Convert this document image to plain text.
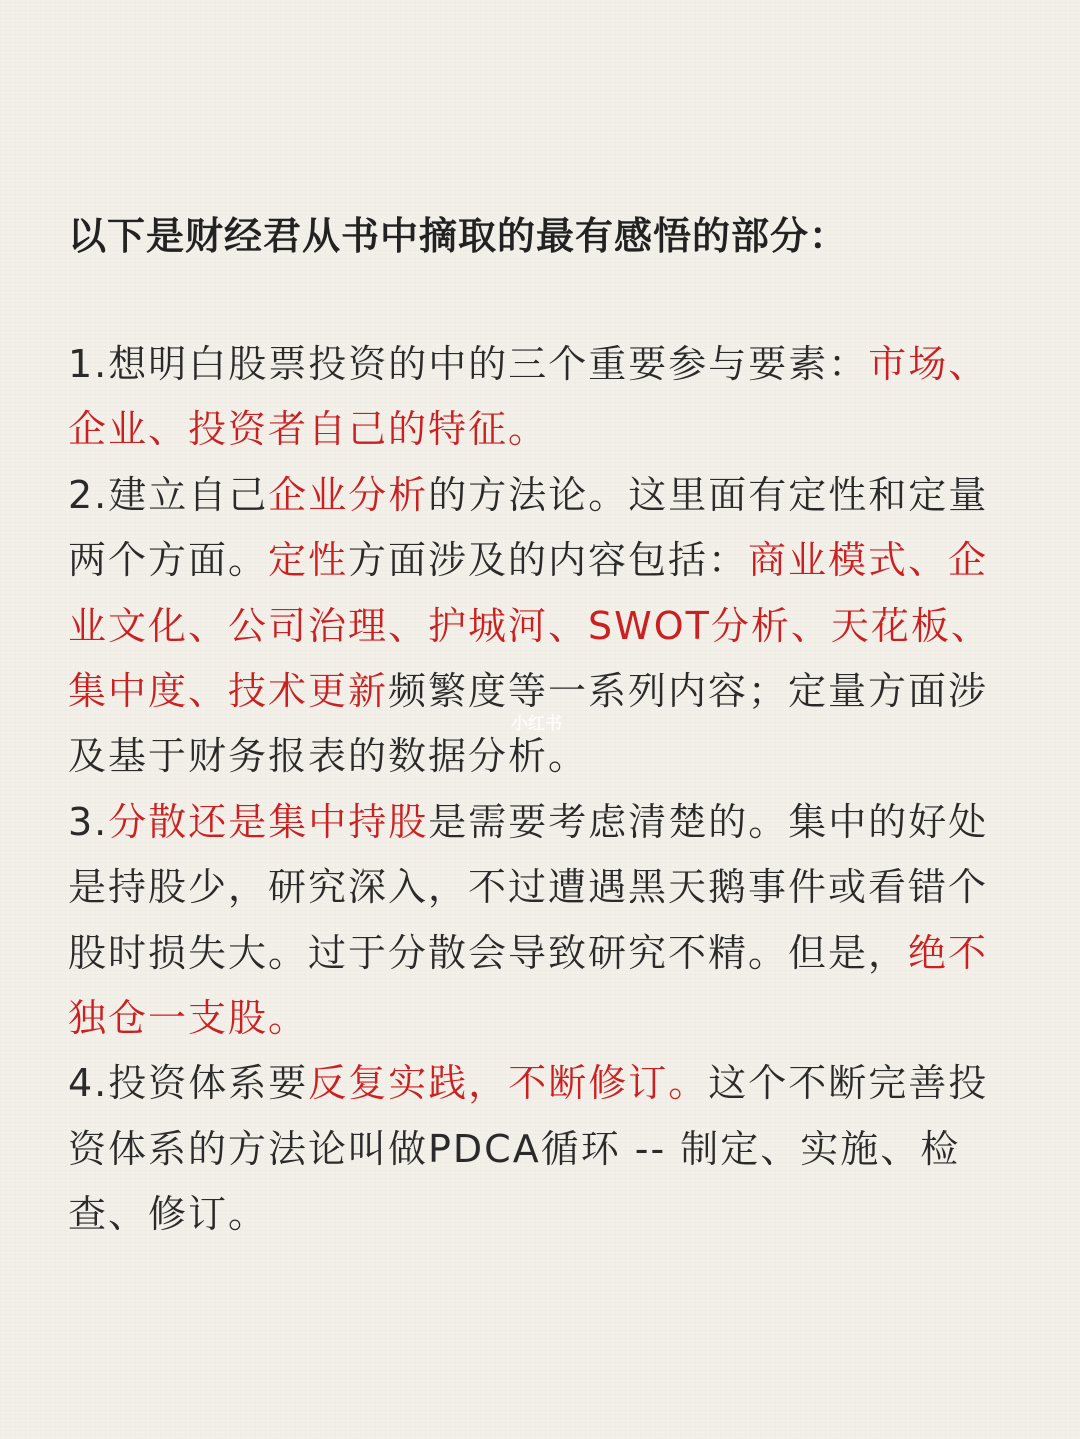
以下是财经君从书中摘取的最有感悟的部分：

1.想明白股票投资的中的三个重要参与要素：市场、企业、投资者自己的特征。

2.建立自己企业分析的方法论。这里面有定性和定量两个方面。定性方面涉及的内容包括：商业模式、企业文化、公司治理、护城河、SWOT分析、天花板、集中度、技术更新频繁度等一系列内容；定量方面涉及基于财务报表的数据分析。

3.分散还是集中持股是需要考虑清楚的。集中的好处是持股少，研究深入，不过遭遇黑天鹅事件或看错个股时损失大。过于分散会导致研究不精。但是，绝不独仓一支股。

4.投资体系要反复实践，不断修订。这个不断完善投资体系的方法论叫做PDCA循环 -- 制定、实施、检查、修订。

小红书
